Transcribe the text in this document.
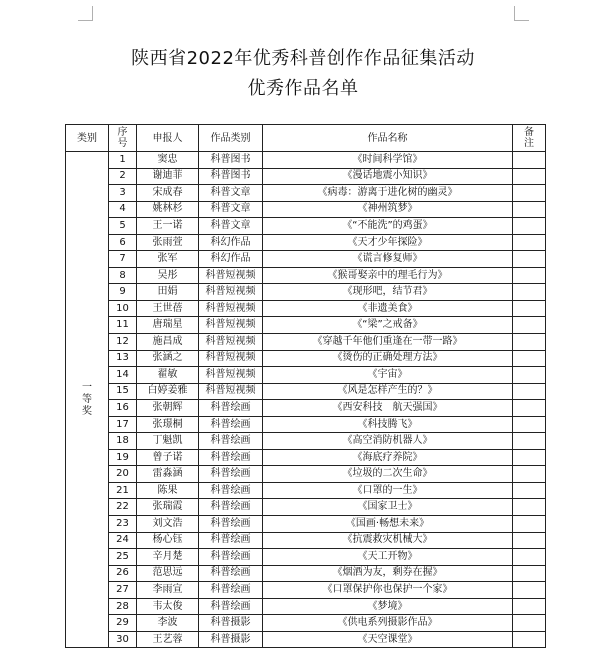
陕西省2022年优秀科普创作作品征集活动
优秀作品名单
类别	序号	申报人	作品类别	作品名称	备注
一等奖	1	窦忠	科普图书	《时间科学馆》	
	2	谢迪菲	科普图书	《漫话地震小知识》	
	3	宋成春	科普文章	《病毒：游离于进化树的幽灵》	
	4	姚林杉	科普文章	《神州筑梦》	
	5	王一诺	科普文章	《“不能洗”的鸡蛋》	
	6	张雨萱	科幻作品	《天才少年探险》	
	7	张军	科幻作品	《谎言修复师》	
	8	吴彤	科普短视频	《猴哥娶亲中的理毛行为》	
	9	田娟	科普短视频	《现形吧，结节君》	
	10	王世蓓	科普短视频	《非遗美食》	
	11	唐瑞星	科普短视频	《“梁”之戒备》	
	12	施昌成	科普短视频	《穿越千年他们重逢在一带一路》	
	13	张涵之	科普短视频	《烫伤的正确处理方法》	
	14	翟敏	科普短视频	《宇宙》	
	15	白婷姜雅	科普短视频	《风是怎样产生的？》	
	16	张朝辉	科普绘画	《西安科技　航天强国》	
	17	张璟桐	科普绘画	《科技腾飞》	
	18	丁魁凯	科普绘画	《高空消防机器人》	
	19	曾子诺	科普绘画	《海底疗养院》	
	20	雷淼涵	科普绘画	《垃圾的二次生命》	
	21	陈果	科普绘画	《口罩的一生》	
	22	张瑞霞	科普绘画	《国家卫士》	
	23	刘文浩	科普绘画	《国画·畅想未来》	
	24	杨心钰	科普绘画	《抗震救灾机械大》	
	25	辛月楚	科普绘画	《天工开物》	
	26	范思远	科普绘画	《烟酒为友，剩券在握》	
	27	李雨宣	科普绘画	《口罩保护你也保护一个家》	
	28	韦太俊	科普绘画	《梦境》	
	29	李波	科普摄影	《供电系列摄影作品》	
	30	王艺蓉	科普摄影	《天空课堂》	
